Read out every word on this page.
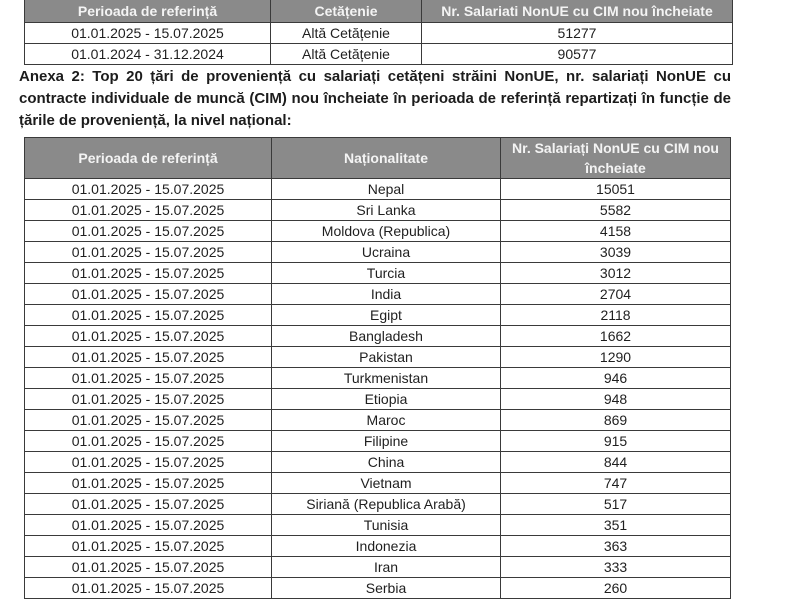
Perioada de referință	Cetățenie	Nr. Salariati NonUE cu CIM nou încheiate
01.01.2025 - 15.07.2025	Altă Cetățenie	51277
01.01.2024 - 31.12.2024	Altă Cetățenie	90577

Anexa 2: Top 20 țări de proveniență cu salariați cetățeni străini NonUE, nr. salariați NonUE cu contracte individuale de muncă (CIM) nou încheiate în perioada de referință repartizați în funcție de țările de proveniență, la nivel național:

Perioada de referință	Naționalitate	Nr. Salariați NonUE cu CIM nou încheiate
01.01.2025 - 15.07.2025	Nepal	15051
01.01.2025 - 15.07.2025	Sri Lanka	5582
01.01.2025 - 15.07.2025	Moldova (Republica)	4158
01.01.2025 - 15.07.2025	Ucraina	3039
01.01.2025 - 15.07.2025	Turcia	3012
01.01.2025 - 15.07.2025	India	2704
01.01.2025 - 15.07.2025	Egipt	2118
01.01.2025 - 15.07.2025	Bangladesh	1662
01.01.2025 - 15.07.2025	Pakistan	1290
01.01.2025 - 15.07.2025	Turkmenistan	946
01.01.2025 - 15.07.2025	Etiopia	948
01.01.2025 - 15.07.2025	Maroc	869
01.01.2025 - 15.07.2025	Filipine	915
01.01.2025 - 15.07.2025	China	844
01.01.2025 - 15.07.2025	Vietnam	747
01.01.2025 - 15.07.2025	Siriană (Republica Arabă)	517
01.01.2025 - 15.07.2025	Tunisia	351
01.01.2025 - 15.07.2025	Indonezia	363
01.01.2025 - 15.07.2025	Iran	333
01.01.2025 - 15.07.2025	Serbia	260
